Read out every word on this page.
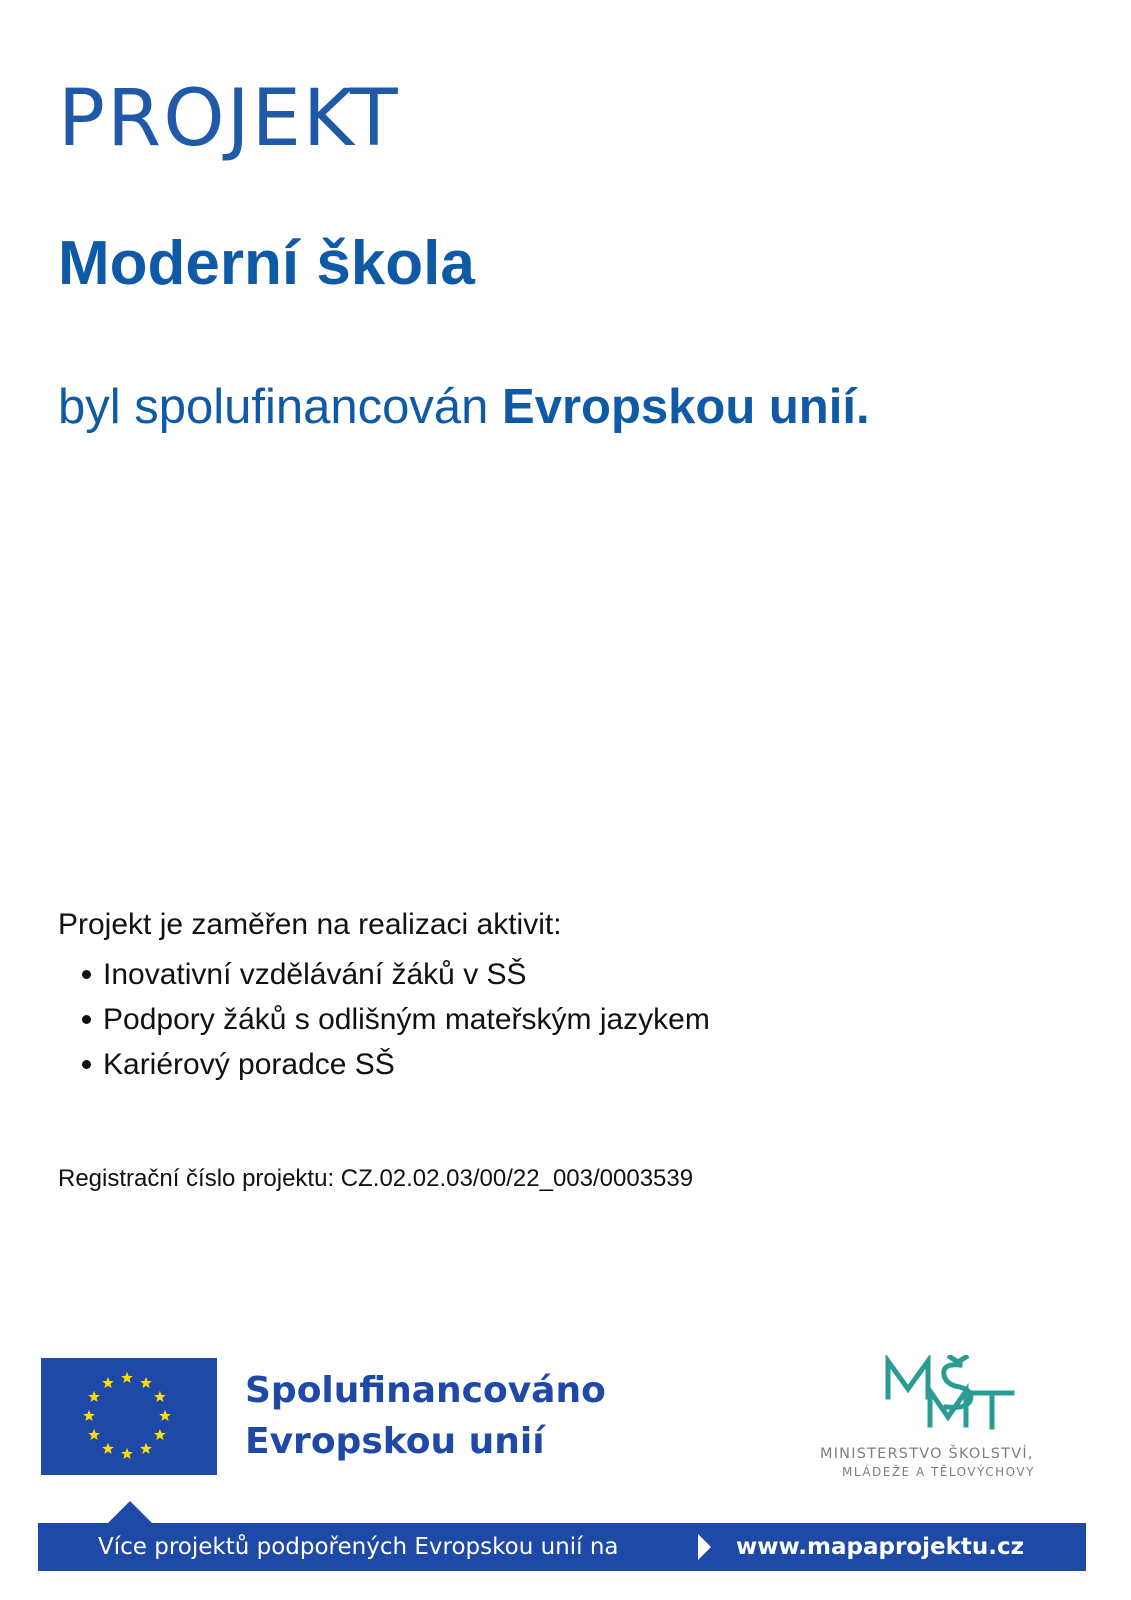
PROJEKT
Moderní škola

byl spolufinancován Evropskou unií.

Projekt je zaměřen na realizaci aktivit:

Inovativní vzdělávání žáků v SŠ
Podpory žáků s odlišným mateřským jazykem
Kariérový poradce SŠ

Registrační číslo projektu: CZ.02.02.03/00/22_003/0003539

Spolufinancováno
Evropskou unií	MINISTERSTVO ŠKOLSTVÍ,
MLÁDEŽE A TĚLOVÝCHOVY
Více projektů podpořených Evropskou unií na	www.mapaprojektu.cz
